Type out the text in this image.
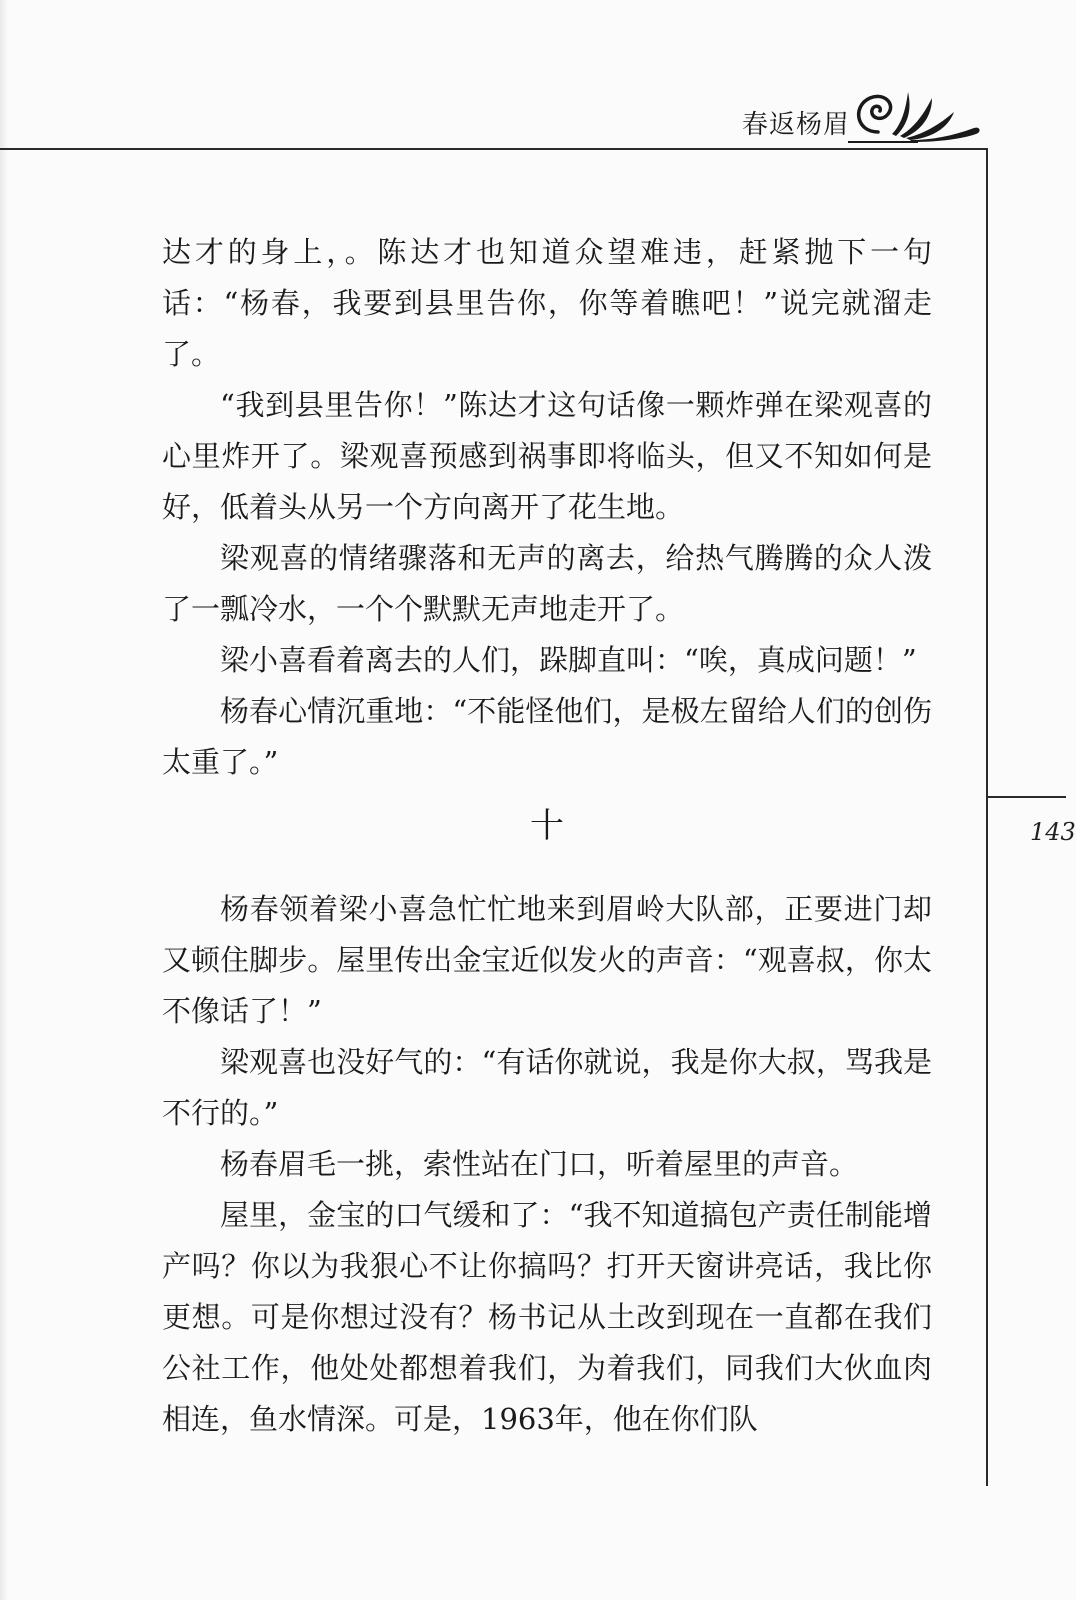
春返杨眉
143

达才的身上，。陈达才也知道众望难违，赶紧抛下一句话：“杨春，我要到县里告你，你等着瞧吧！”说完就溜走了。

“我到县里告你！”陈达才这句话像一颗炸弹在梁观喜的心里炸开了。梁观喜预感到祸事即将临头，但又不知如何是好，低着头从另一个方向离开了花生地。

梁观喜的情绪骤落和无声的离去，给热气腾腾的众人泼了一瓢冷水，一个个默默无声地走开了。

梁小喜看着离去的人们，跺脚直叫：“唉，真成问题！”

杨春心情沉重地：“不能怪他们，是极左留给人们的创伤太重了。”

十

杨春领着梁小喜急忙忙地来到眉岭大队部，正要进门却又顿住脚步。屋里传出金宝近似发火的声音：“观喜叔，你太不像话了！”

梁观喜也没好气的：“有话你就说，我是你大叔，骂我是不行的。”

杨春眉毛一挑，索性站在门口，听着屋里的声音。

屋里，金宝的口气缓和了：“我不知道搞包产责任制能增产吗？你以为我狠心不让你搞吗？打开天窗讲亮话，我比你更想。可是你想过没有？杨书记从土改到现在一直都在我们公社工作，他处处都想着我们，为着我们，同我们大伙血肉相连，鱼水情深。可是，1963年，他在你们队
